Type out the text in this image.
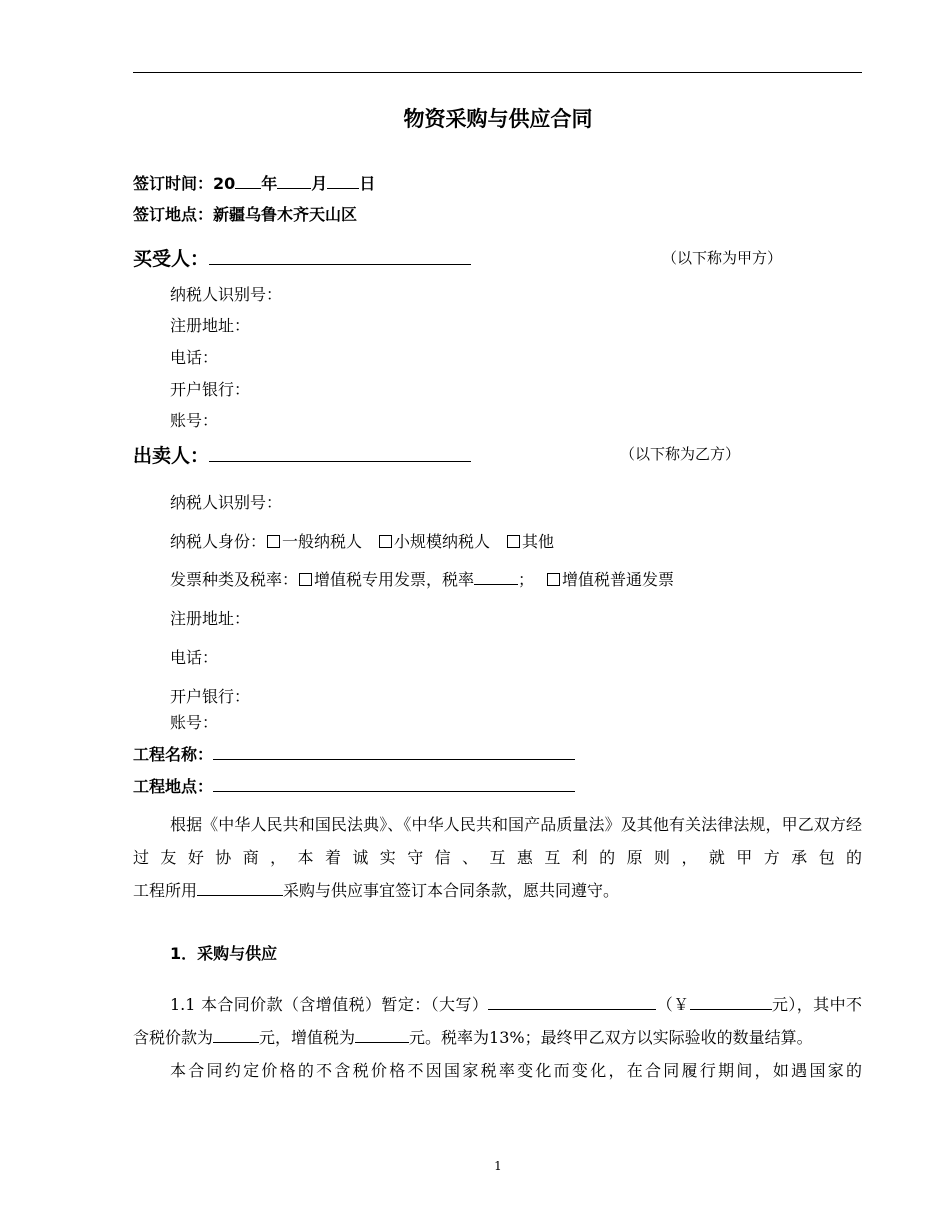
物资采购与供应合同
签订时间：20 年 月 日
签订地点：新疆乌鲁木齐天山区
买受人：	（以下称为甲方）
纳税人识别号：
注册地址：
电话：
开户银行：
账号：
出卖人：	（以下称为乙方）
纳税人识别号：
纳税人身份： 一般纳税人 小规模纳税人 其他
发票种类及税率： 增值税专用发票，税率	； 增值税普通发票
注册地址：
电话：
开户银行：
账号：
工程名称：
工程地点：

根据《中华人民共和国民法典》、《中华人民共和国产品质量法》及其他有关法律法规，甲乙双方经过友好协商，本着诚实守信、互惠互利的原则，就甲方承包的

工程所用	采购与供应事宜签订本合同条款，愿共同遵守。

1．采购与供应

1.1 本合同价款（含增值税）暂定：（大写）	（￥	元），其中不含税价款为	元，增值税为	元。税率为13%；最终甲乙双方以实际验收的数量结算。

本合同约定价格的不含税价格不因国家税率变化而变化，在合同履行期间，如遇国家的

1
